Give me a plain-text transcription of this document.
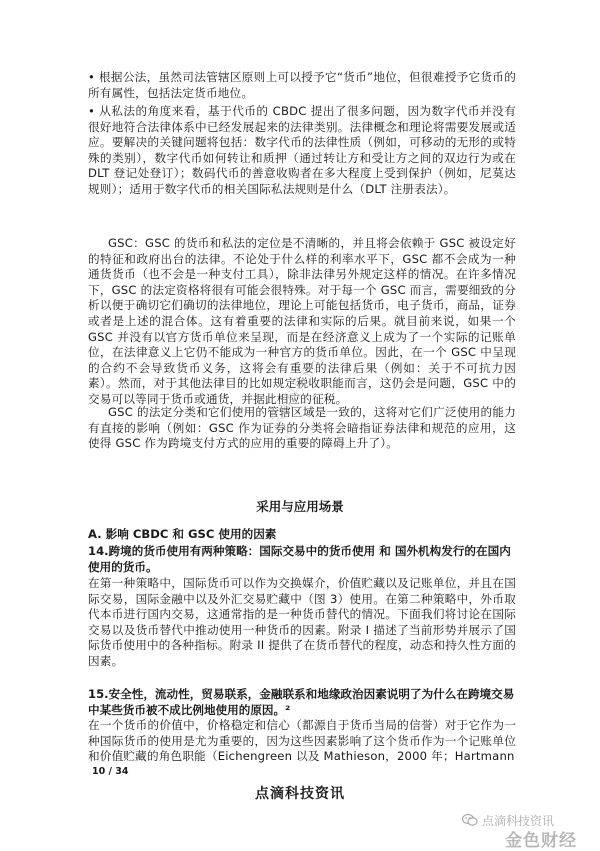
• 根据公法，虽然司法管辖区原则上可以授予它“货币”地位，但很难授予它货币的所有属性，包括法定货币地位。

• 从私法的角度来看，基于代币的 CBDC 提出了很多问题，因为数字代币并没有很好地符合法律体系中已经发展起来的法律类别。法律概念和理论将需要发展或适应。要解决的关键问题将包括：数字代币的法律性质（例如，可移动的无形的或特殊的类别），数字代币如何转让和质押（通过转让方和受让方之间的双边行为或在 DLT 登记处登订）；数码代币的善意收购者在多大程度上受到保护（例如，尼莫达规则）；适用于数字代币的相关国际私法规则是什么（DLT 注册表法）。

GSC：GSC 的货币和私法的定位是不清晰的，并且将会依赖于 GSC 被设定好的特征和政府出台的法律。不论处于什么样的利率水平下，GSC 都不会成为一种通货货币（也不会是一种支付工具），除非法律另外规定这样的情况。在许多情况下，GSC 的法定资格将很有可能会很特殊。对于每一个 GSC 而言，需要细致的分析以便于确切它们确切的法律地位，理论上可能包括货币，电子货币，商品，证券或者是上述的混合体。这有着重要的法律和实际的后果。就目前来说，如果一个 GSC 并没有以官方货币单位来呈现，而是在经济意义上成为了一个实际的记账单位，在法律意义上它仍不能成为一种官方的货币单位。因此，在一个 GSC 中呈现的合约不会导致货币义务，这将会有重要的法律后果（例如：关于不可抗力因素）。然而，对于其他法律目的比如规定税收职能而言，这仍会是问题，GSC 中的交易可以等同于货币或通货，并据此相应的征税。

GSC 的法定分类和它们使用的管辖区域是一致的，这将对它们广泛使用的能力有直接的影响（例如：GSC 作为证券的分类将会暗指证券法律和规范的应用，这使得 GSC 作为跨境支付方式的应用的重要的障碍上升了）。

采用与应用场景

A. 影响 CBDC 和 GSC 使用的因素

14.跨境的货币使用有两种策略：国际交易中的货币使用 和 国外机构发行的在国内使用的货币。

在第一种策略中，国际货币可以作为交换媒介，价值贮藏以及记账单位，并且在国际交易，国际金融中以及外汇交易贮藏中（图 3）使用。在第二种策略中，外币取代本币进行国内交易，这通常指的是一种货币替代的情况。下面我们将讨论在国际交易以及货币替代中推动使用一种货币的因素。附录 I 描述了当前形势并展示了国际货币使用中的各种指标。附录 II 提供了在货币替代的程度，动态和持久性方面的因素。

15.安全性，流动性，贸易联系，金融联系和地缘政治因素说明了为什么在跨境交易中某些货币被不成比例地使用的原因。²

在一个货币的价值中，价格稳定和信心（都源自于货币当局的信誉）对于它作为一种国际货币的使用是尤为重要的，因为这些因素影响了这个货币作为一个记账单位和价值贮藏的角色职能（Eichengreen 以及 Mathieson，2000 年；Hartmann

10 / 34
点滴科技资讯
点滴科技资讯
点滴科技资讯
金色财经
